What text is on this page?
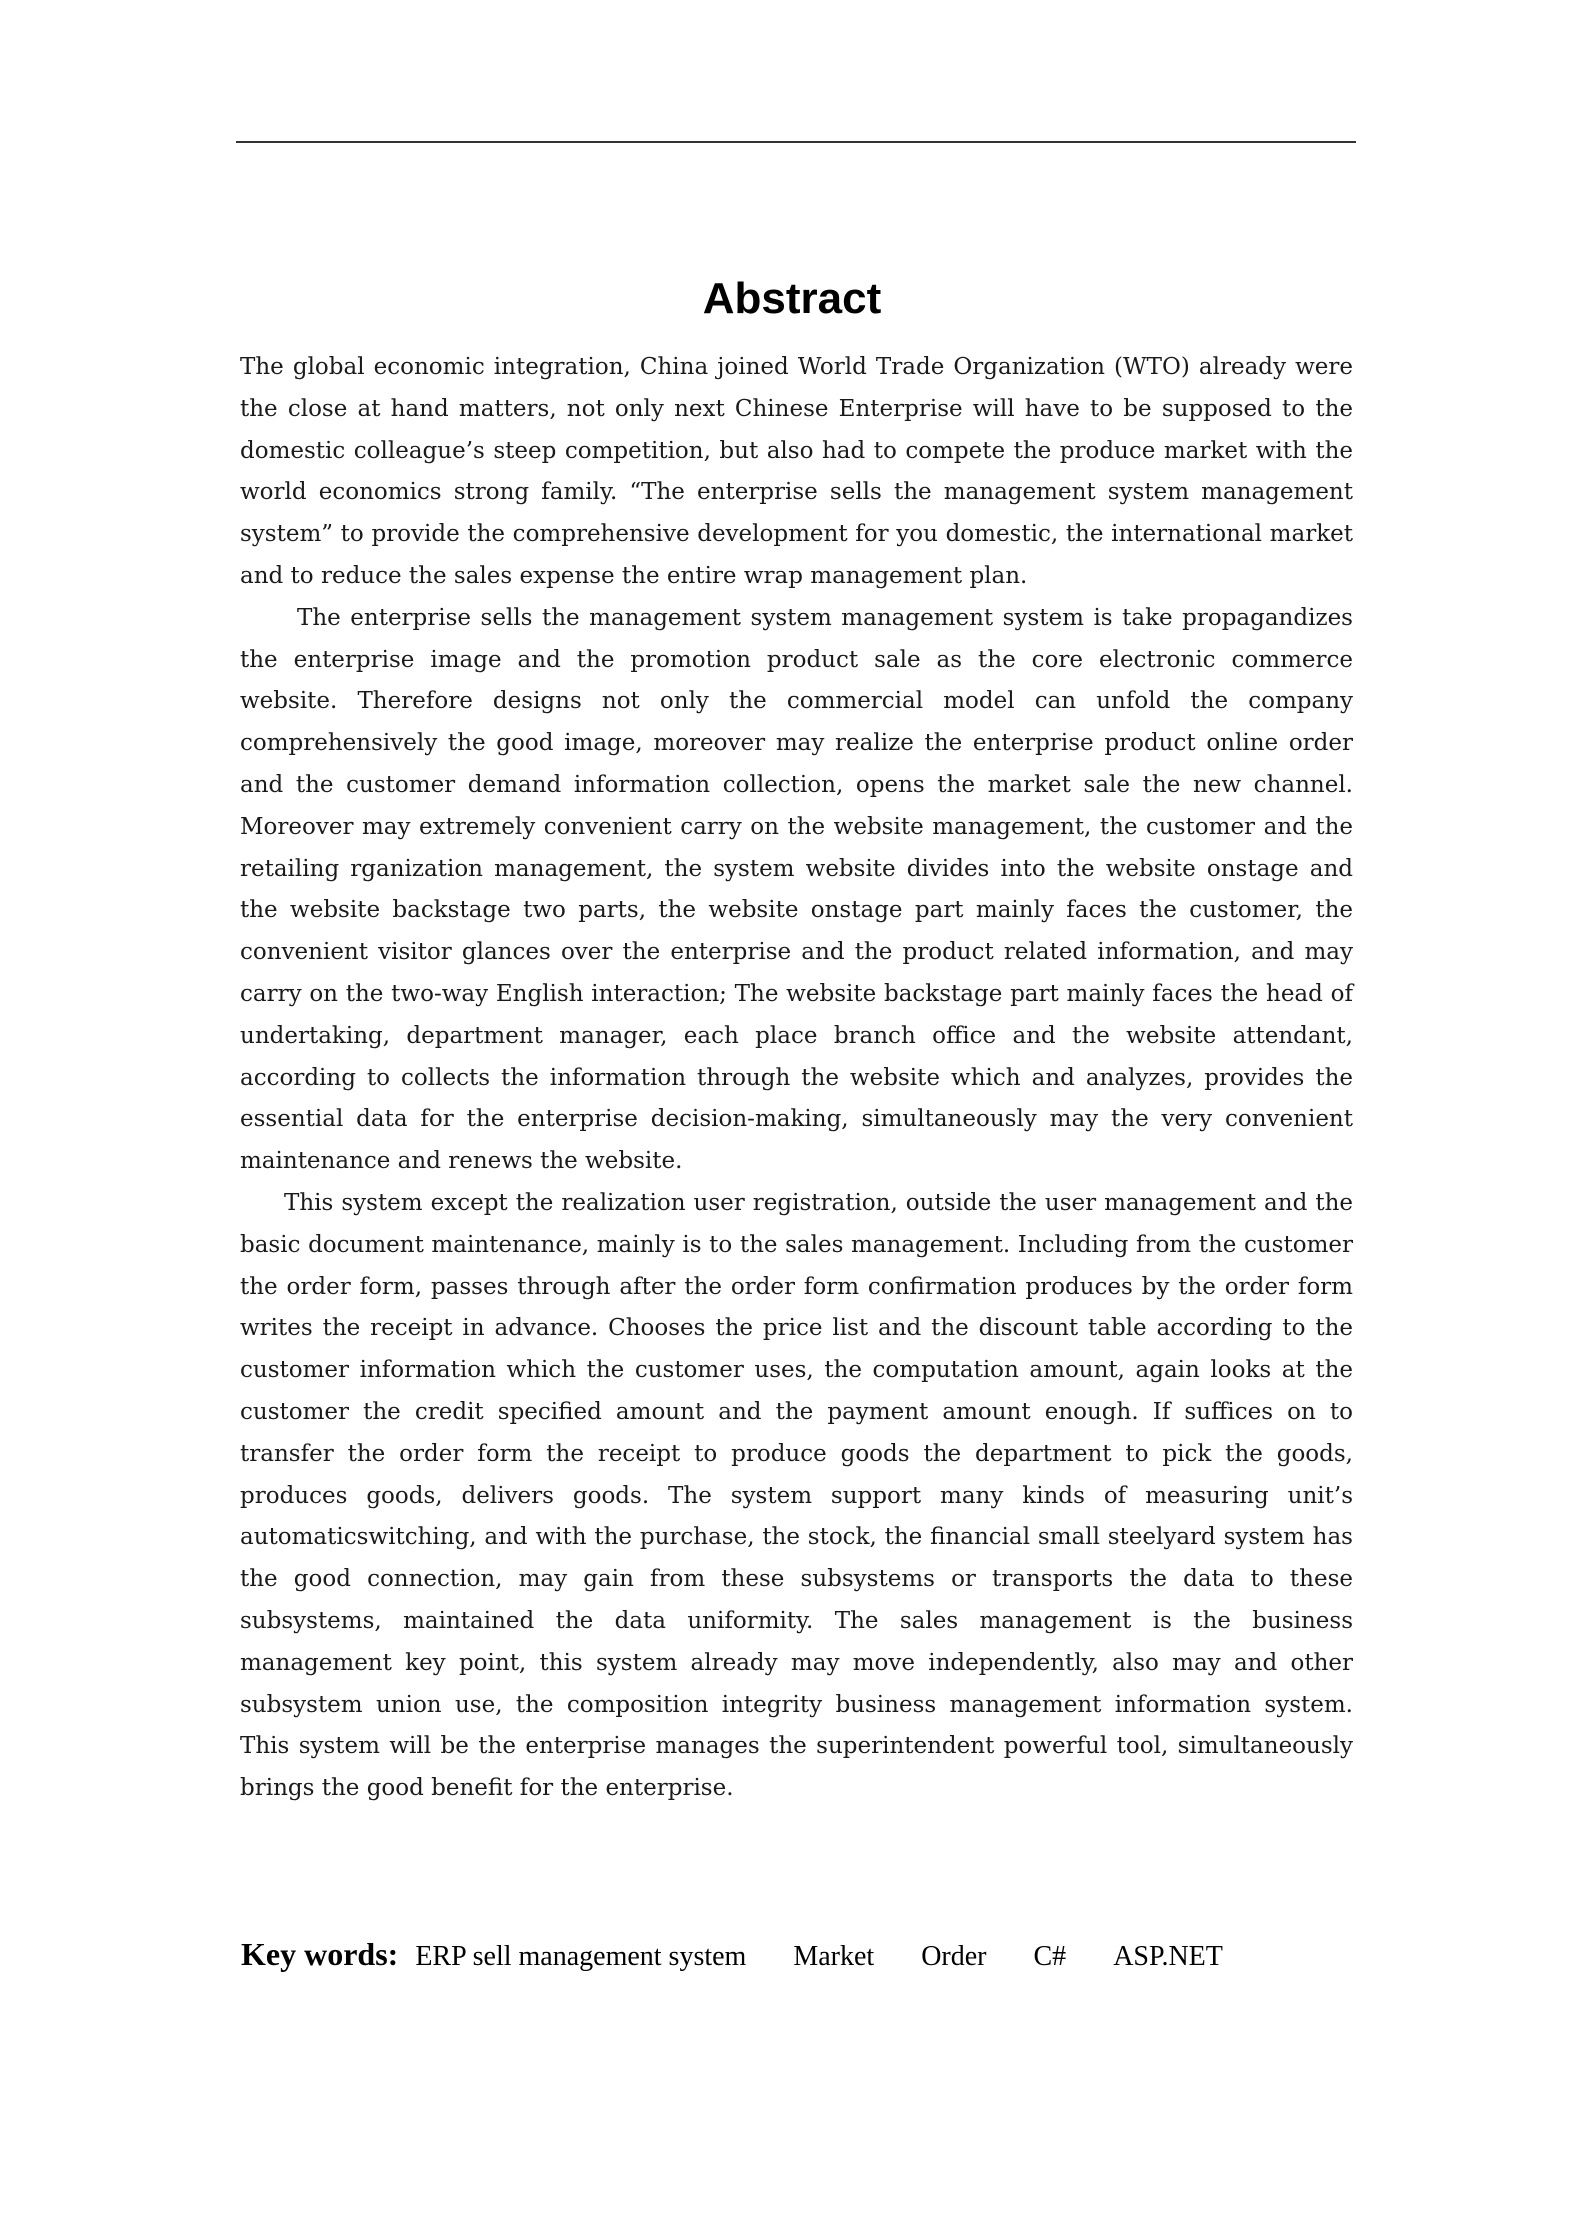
Abstract

The global economic integration, China joined World Trade Organization (WTO) already were the close at hand matters, not only next Chinese Enterprise will have to be supposed to the domestic colleague’s steep competition, but also had to compete the produce market with the world economics strong family. “The enterprise sells the management system management system” to provide the comprehensive development for you domestic, the international market and to reduce the sales expense the entire wrap management plan.

The enterprise sells the management system management system is take propagandizes the enterprise image and the promotion product sale as the core electronic commerce website. Therefore designs not only the commercial model can unfold the company comprehensively the good image, moreover may realize the enterprise product online order and the customer demand information collection, opens the market sale the new channel. Moreover may extremely convenient carry on the website management, the customer and the retailing rganization management, the system website divides into the website onstage and the website backstage two parts, the website onstage part mainly faces the customer, the convenient visitor glances over the enterprise and the product related information, and may carry on the two-way English interaction; The website backstage part mainly faces the head of undertaking, department manager, each place branch office and the website attendant, according to collects the information through the website which and analyzes, provides the essential data for the enterprise decision-making, simultaneously may the very convenient maintenance and renews the website.

This system except the realization user registration, outside the user management and the basic document maintenance, mainly is to the sales management. Including from the customer the order form, passes through after the order form confirmation produces by the order form writes the receipt in advance. Chooses the price list and the discount table according to the customer information which the customer uses, the computation amount, again looks at the customer the credit specified amount and the payment amount enough. If suffices on to transfer the order form the receipt to produce goods the department to pick the goods, produces goods, delivers goods. The system support many kinds of measuring unit’s automaticswitching, and with the purchase, the stock, the financial small steelyard system has the good connection, may gain from these subsystems or transports the data to these subsystems, maintained the data uniformity. The sales management is the business management key point, this system already may move independently, also may and other subsystem union use, the composition integrity business management information system. This system will be the enterprise manages the superintendent powerful tool, simultaneously brings the good benefit for the enterprise.

Key words: ERP sell management system Market Order C# ASP.NET
